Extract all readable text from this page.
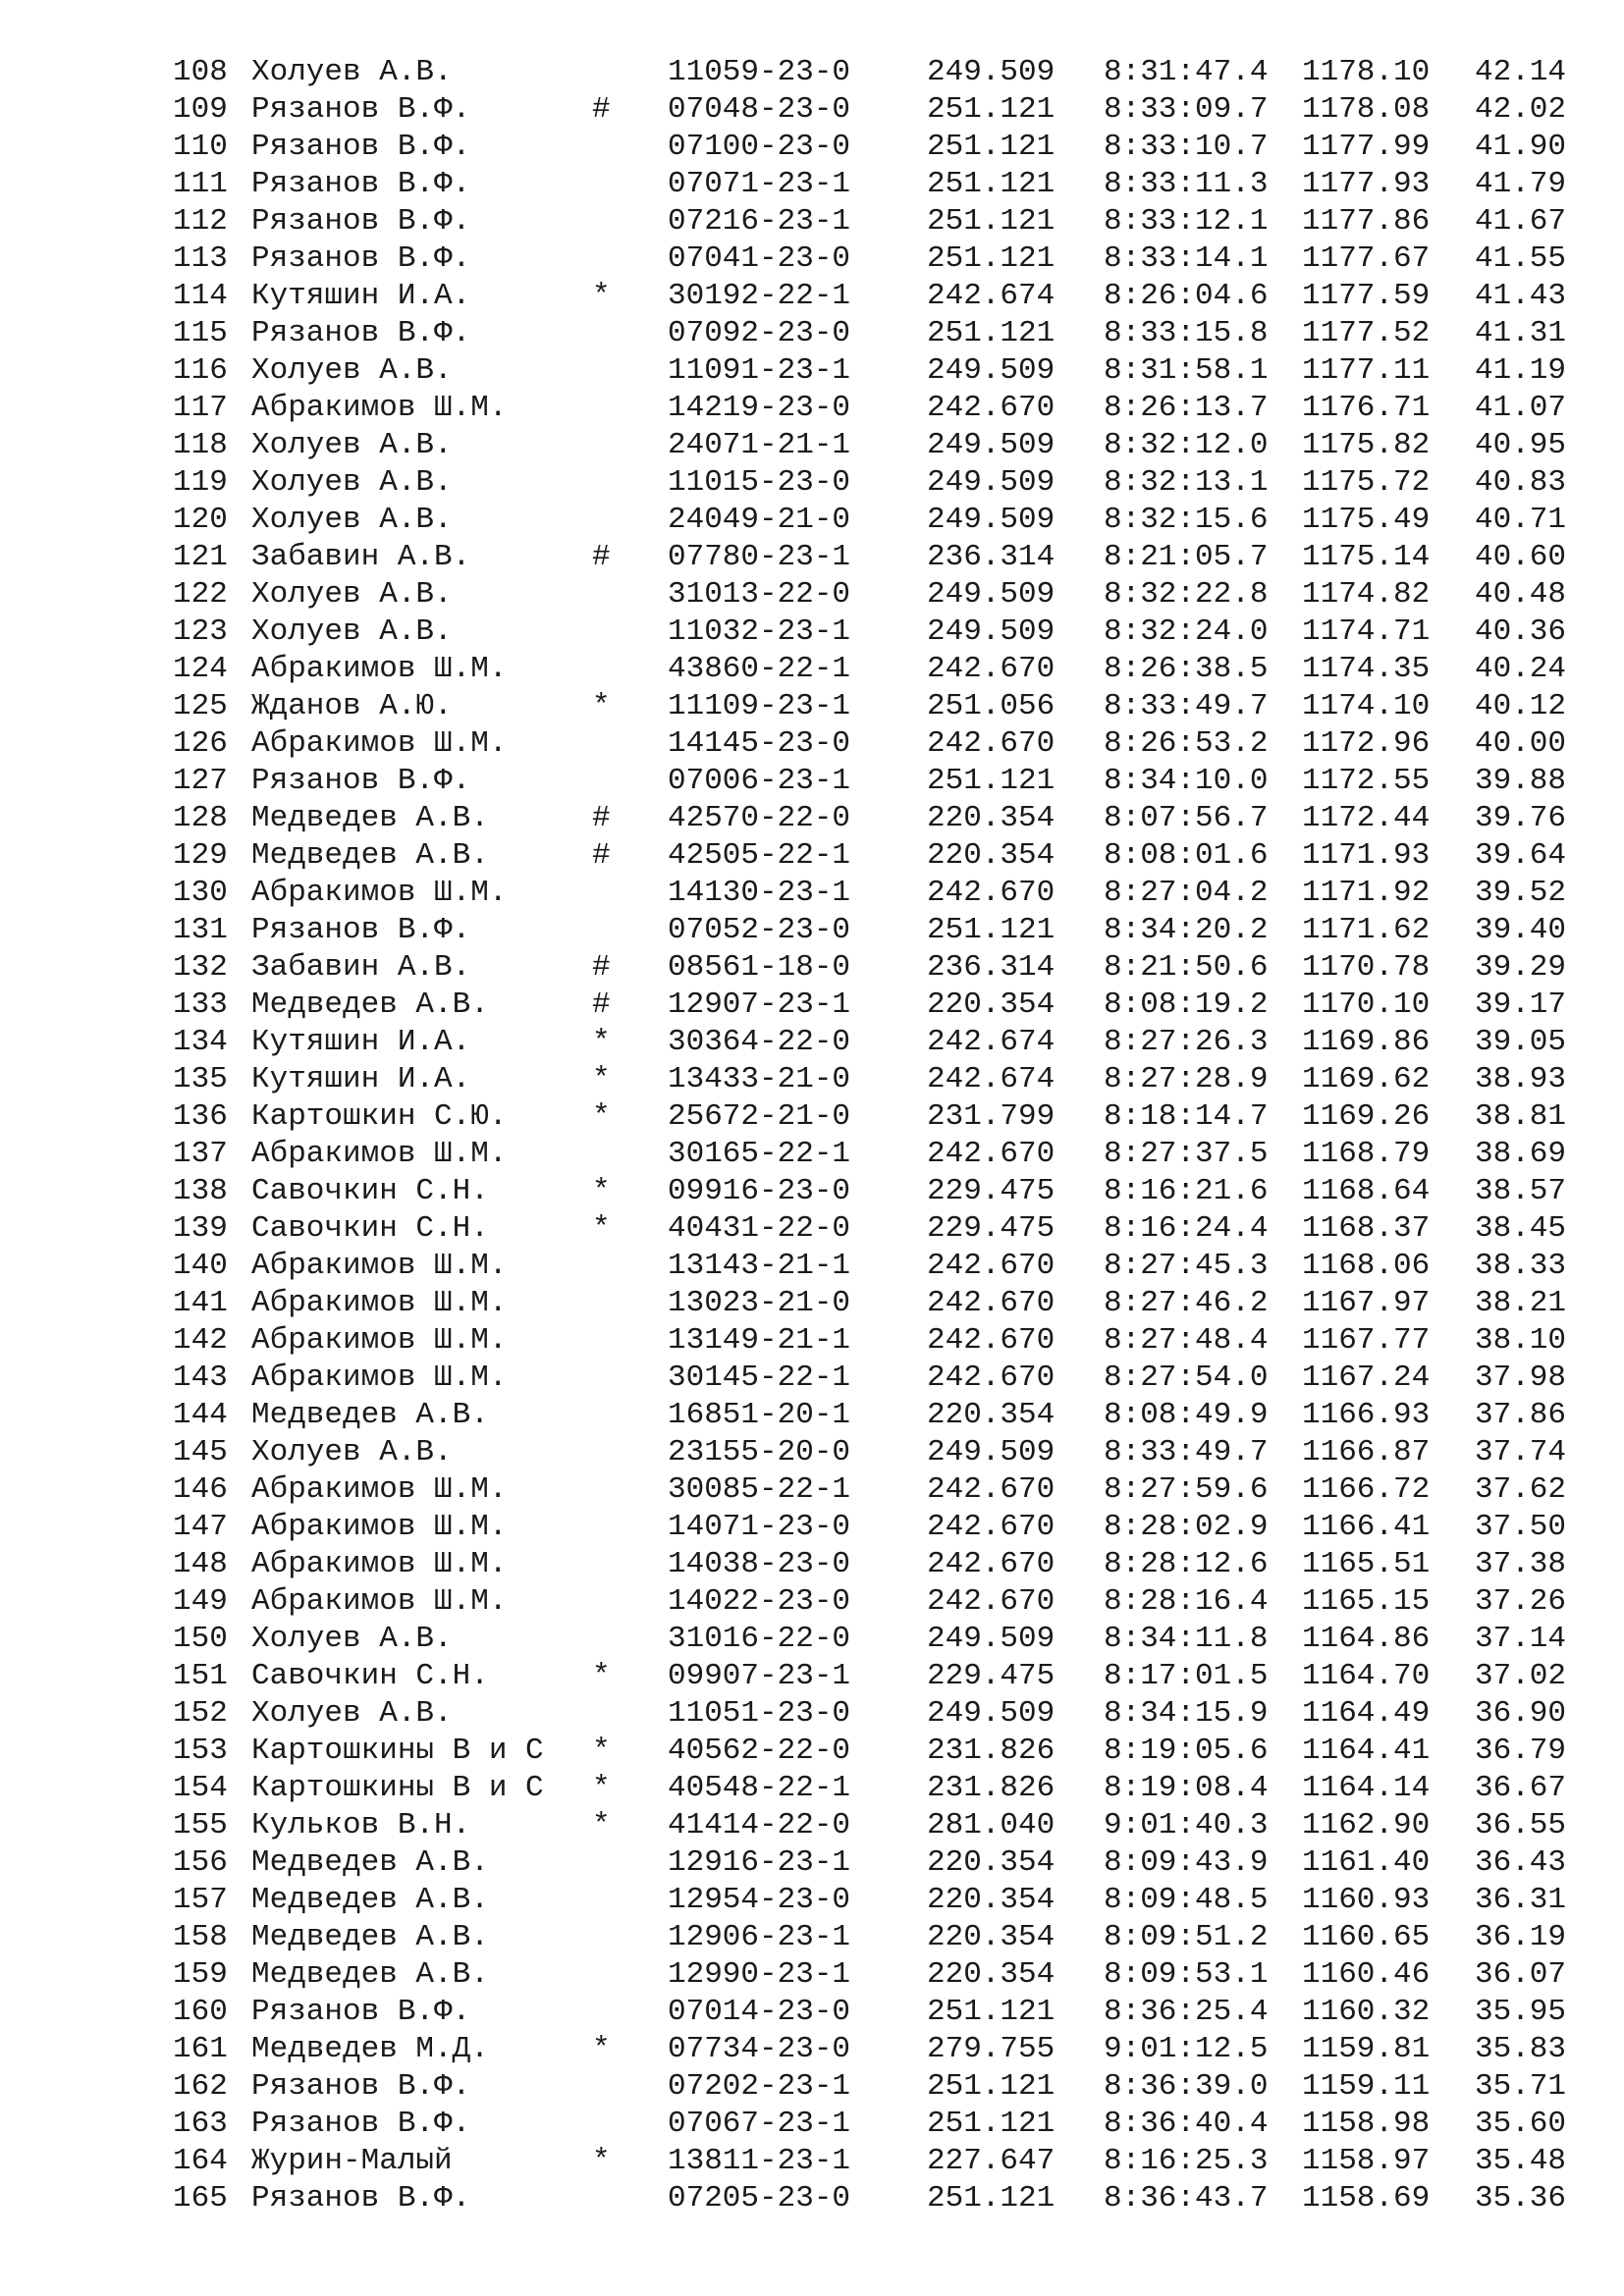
108 Холуев А.В.	11059-23-0	249.509 8:31:47.4 1178.10 42.14
109 Рязанов В.Ф.	# 07048-23-0	251.121 8:33:09.7 1178.08 42.02
110 Рязанов В.Ф.	07100-23-0	251.121 8:33:10.7 1177.99 41.90
111 Рязанов В.Ф.	07071-23-1	251.121 8:33:11.3 1177.93 41.79
112 Рязанов В.Ф.	07216-23-1	251.121 8:33:12.1 1177.86 41.67
113 Рязанов В.Ф.	07041-23-0	251.121 8:33:14.1 1177.67 41.55
114 Кутяшин И.А.	* 30192-22-1	242.674 8:26:04.6 1177.59 41.43
115 Рязанов В.Ф.	07092-23-0	251.121 8:33:15.8 1177.52 41.31
116 Холуев А.В.	11091-23-1	249.509 8:31:58.1 1177.11 41.19
117 Абракимов Ш.М.	14219-23-0	242.670 8:26:13.7 1176.71 41.07
118 Холуев А.В.	24071-21-1	249.509 8:32:12.0 1175.82 40.95
119 Холуев А.В.	11015-23-0	249.509 8:32:13.1 1175.72 40.83
120 Холуев А.В.	24049-21-0	249.509 8:32:15.6 1175.49 40.71
121 Забавин А.В.	# 07780-23-1	236.314 8:21:05.7 1175.14 40.60
122 Холуев А.В.	31013-22-0	249.509 8:32:22.8 1174.82 40.48
123 Холуев А.В.	11032-23-1	249.509 8:32:24.0 1174.71 40.36
124 Абракимов Ш.М.	43860-22-1	242.670 8:26:38.5 1174.35 40.24
125 Жданов А.Ю.	* 11109-23-1	251.056 8:33:49.7 1174.10 40.12
126 Абракимов Ш.М.	14145-23-0	242.670 8:26:53.2 1172.96 40.00
127 Рязанов В.Ф.	07006-23-1	251.121 8:34:10.0 1172.55 39.88
128 Медведев А.В.	# 42570-22-0	220.354 8:07:56.7 1172.44 39.76
129 Медведев А.В.	# 42505-22-1	220.354 8:08:01.6 1171.93 39.64
130 Абракимов Ш.М.	14130-23-1	242.670 8:27:04.2 1171.92 39.52
131 Рязанов В.Ф.	07052-23-0	251.121 8:34:20.2 1171.62 39.40
132 Забавин А.В.	# 08561-18-0	236.314 8:21:50.6 1170.78 39.29
133 Медведев А.В.	# 12907-23-1	220.354 8:08:19.2 1170.10 39.17
134 Кутяшин И.А.	* 30364-22-0	242.674 8:27:26.3 1169.86 39.05
135 Кутяшин И.А.	* 13433-21-0	242.674 8:27:28.9 1169.62 38.93
136 Картошкин С.Ю.	* 25672-21-0	231.799 8:18:14.7 1169.26 38.81
137 Абракимов Ш.М.	30165-22-1	242.670 8:27:37.5 1168.79 38.69
138 Савочкин С.Н.	* 09916-23-0	229.475 8:16:21.6 1168.64 38.57
139 Савочкин С.Н.	* 40431-22-0	229.475 8:16:24.4 1168.37 38.45
140 Абракимов Ш.М.	13143-21-1	242.670 8:27:45.3 1168.06 38.33
141 Абракимов Ш.М.	13023-21-0	242.670 8:27:46.2 1167.97 38.21
142 Абракимов Ш.М.	13149-21-1	242.670 8:27:48.4 1167.77 38.10
143 Абракимов Ш.М.	30145-22-1	242.670 8:27:54.0 1167.24 37.98
144 Медведев А.В.	16851-20-1	220.354 8:08:49.9 1166.93 37.86
145 Холуев А.В.	23155-20-0	249.509 8:33:49.7 1166.87 37.74
146 Абракимов Ш.М.	30085-22-1	242.670 8:27:59.6 1166.72 37.62
147 Абракимов Ш.М.	14071-23-0	242.670 8:28:02.9 1166.41 37.50
148 Абракимов Ш.М.	14038-23-0	242.670 8:28:12.6 1165.51 37.38
149 Абракимов Ш.М.	14022-23-0	242.670 8:28:16.4 1165.15 37.26
150 Холуев А.В.	31016-22-0	249.509 8:34:11.8 1164.86 37.14
151 Савочкин С.Н.	* 09907-23-1	229.475 8:17:01.5 1164.70 37.02
152 Холуев А.В.	11051-23-0	249.509 8:34:15.9 1164.49 36.90
153 Картошкины В и С * 40562-22-0	231.826 8:19:05.6 1164.41 36.79
154 Картошкины В и С * 40548-22-1	231.826 8:19:08.4 1164.14 36.67
155 Кульков В.Н.	* 41414-22-0	281.040 9:01:40.3 1162.90 36.55
156 Медведев А.В.	12916-23-1	220.354 8:09:43.9 1161.40 36.43
157 Медведев А.В.	12954-23-0	220.354 8:09:48.5 1160.93 36.31
158 Медведев А.В.	12906-23-1	220.354 8:09:51.2 1160.65 36.19
159 Медведев А.В.	12990-23-1	220.354 8:09:53.1 1160.46 36.07
160 Рязанов В.Ф.	07014-23-0	251.121 8:36:25.4 1160.32 35.95
161 Медведев М.Д.	* 07734-23-0	279.755 9:01:12.5 1159.81 35.83
162 Рязанов В.Ф.	07202-23-1	251.121 8:36:39.0 1159.11 35.71
163 Рязанов В.Ф.	07067-23-1	251.121 8:36:40.4 1158.98 35.60
164 Журин-Малый	* 13811-23-1	227.647 8:16:25.3 1158.97 35.48
165 Рязанов В.Ф.	07205-23-0	251.121 8:36:43.7 1158.69 35.36
